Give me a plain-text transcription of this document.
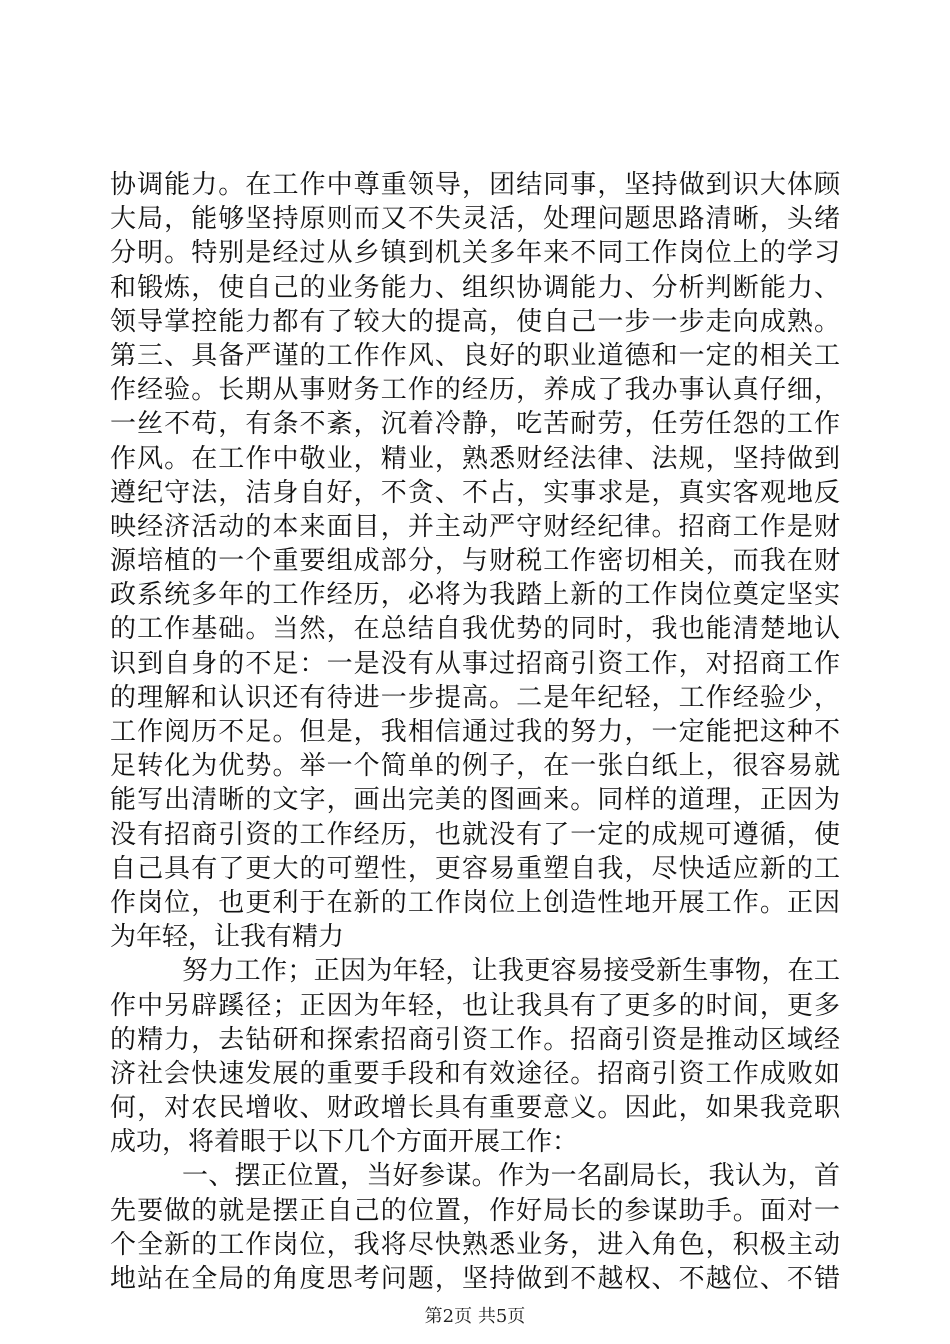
协调能力。在工作中尊重领导，团结同事，坚持做到识大体顾
大局，能够坚持原则而又不失灵活，处理问题思路清晰，头绪
分明。特别是经过从乡镇到机关多年来不同工作岗位上的学习
和锻炼，使自己的业务能力、组织协调能力、分析判断能力、
领导掌控能力都有了较大的提高，使自己一步一步走向成熟。
第三、具备严谨的工作作风、良好的职业道德和一定的相关工
作经验。长期从事财务工作的经历，养成了我办事认真仔细，
一丝不苟，有条不紊，沉着冷静，吃苦耐劳，任劳任怨的工作
作风。在工作中敬业，精业，熟悉财经法律、法规，坚持做到
遵纪守法，洁身自好，不贪、不占，实事求是，真实客观地反
映经济活动的本来面目，并主动严守财经纪律。招商工作是财
源培植的一个重要组成部分，与财税工作密切相关，而我在财
政系统多年的工作经历，必将为我踏上新的工作岗位奠定坚实
的工作基础。当然，在总结自我优势的同时，我也能清楚地认
识到自身的不足：一是没有从事过招商引资工作，对招商工作
的理解和认识还有待进一步提高。二是年纪轻，工作经验少，
工作阅历不足。但是，我相信通过我的努力，一定能把这种不
足转化为优势。举一个简单的例子，在一张白纸上，很容易就
能写出清晰的文字，画出完美的图画来。同样的道理，正因为
没有招商引资的工作经历，也就没有了一定的成规可遵循，使
自己具有了更大的可塑性，更容易重塑自我，尽快适应新的工
作岗位，也更利于在新的工作岗位上创造性地开展工作。正因
为年轻，让我有精力
努力工作；正因为年轻，让我更容易接受新生事物，在工
作中另辟蹊径；正因为年轻，也让我具有了更多的时间，更多
的精力，去钻研和探索招商引资工作。招商引资是推动区域经
济社会快速发展的重要手段和有效途径。招商引资工作成败如
何，对农民增收、财政增长具有重要意义。因此，如果我竞职
成功，将着眼于以下几个方面开展工作：
一、摆正位置，当好参谋。作为一名副局长，我认为，首
先要做的就是摆正自己的位置，作好局长的参谋助手。面对一
个全新的工作岗位，我将尽快熟悉业务，进入角色，积极主动
地站在全局的角度思考问题，坚持做到不越权、不越位、不错
第2页 共5页
